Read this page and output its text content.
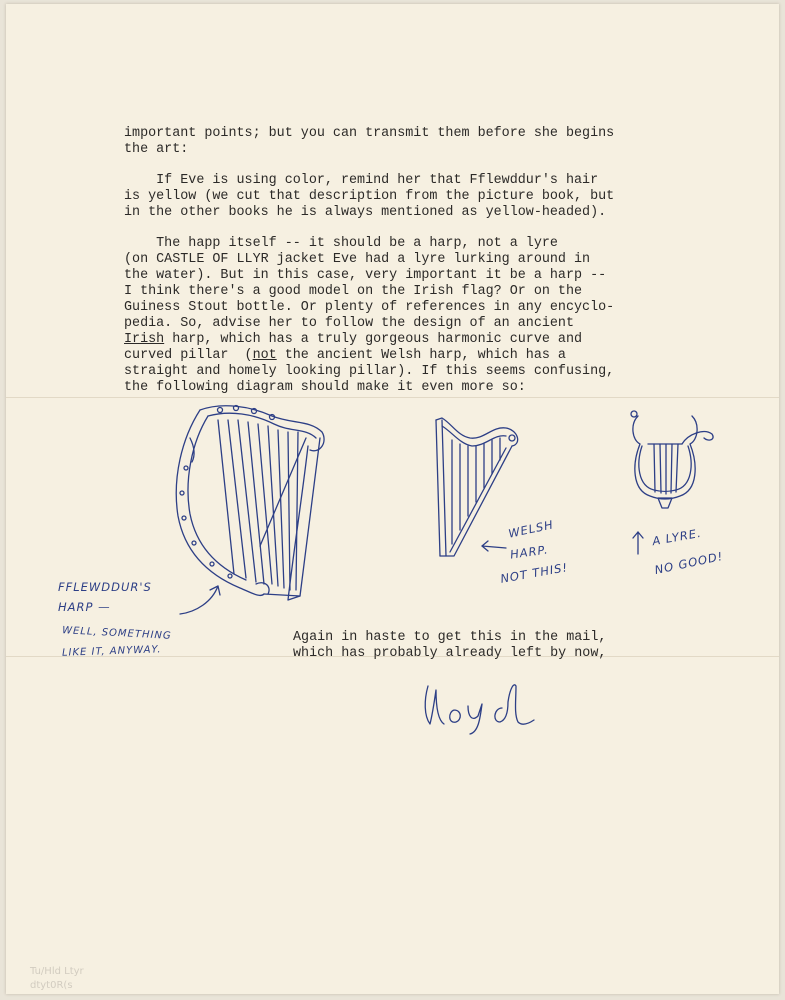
important points; but you can transmit them before she begins

the art:

If Eve is using color, remind her that Fflewddur's hair

is yellow (we cut that description from the picture book, but

in the other books he is always mentioned as yellow-headed).

The happ itself -- it should be a harp, not a lyre

(on CASTLE OF LLYR jacket Eve had a lyre lurking around in

the water). But in this case, very important it be a harp --

I think there's a good model on the Irish flag? Or on the

Guiness Stout bottle. Or plenty of references in any encyclo-

pedia. So, advise her to follow the design of an ancient

Irish harp, which has a truly gorgeous harmonic curve and

curved pillar  (not the ancient Welsh harp, which has a

straight and homely looking pillar). If this seems confusing,

the following diagram should make it even more so:

Again in haste to get this in the mail,

which has probably already left by now,

FFLEWDDUR'S
HARP —
WELL, SOMETHING
LIKE IT, ANYWAY.
WELSH
HARP.
NOT THIS!
A LYRE.
NO GOOD!
Tu/Hld Ltyr
dtyt0R(s
